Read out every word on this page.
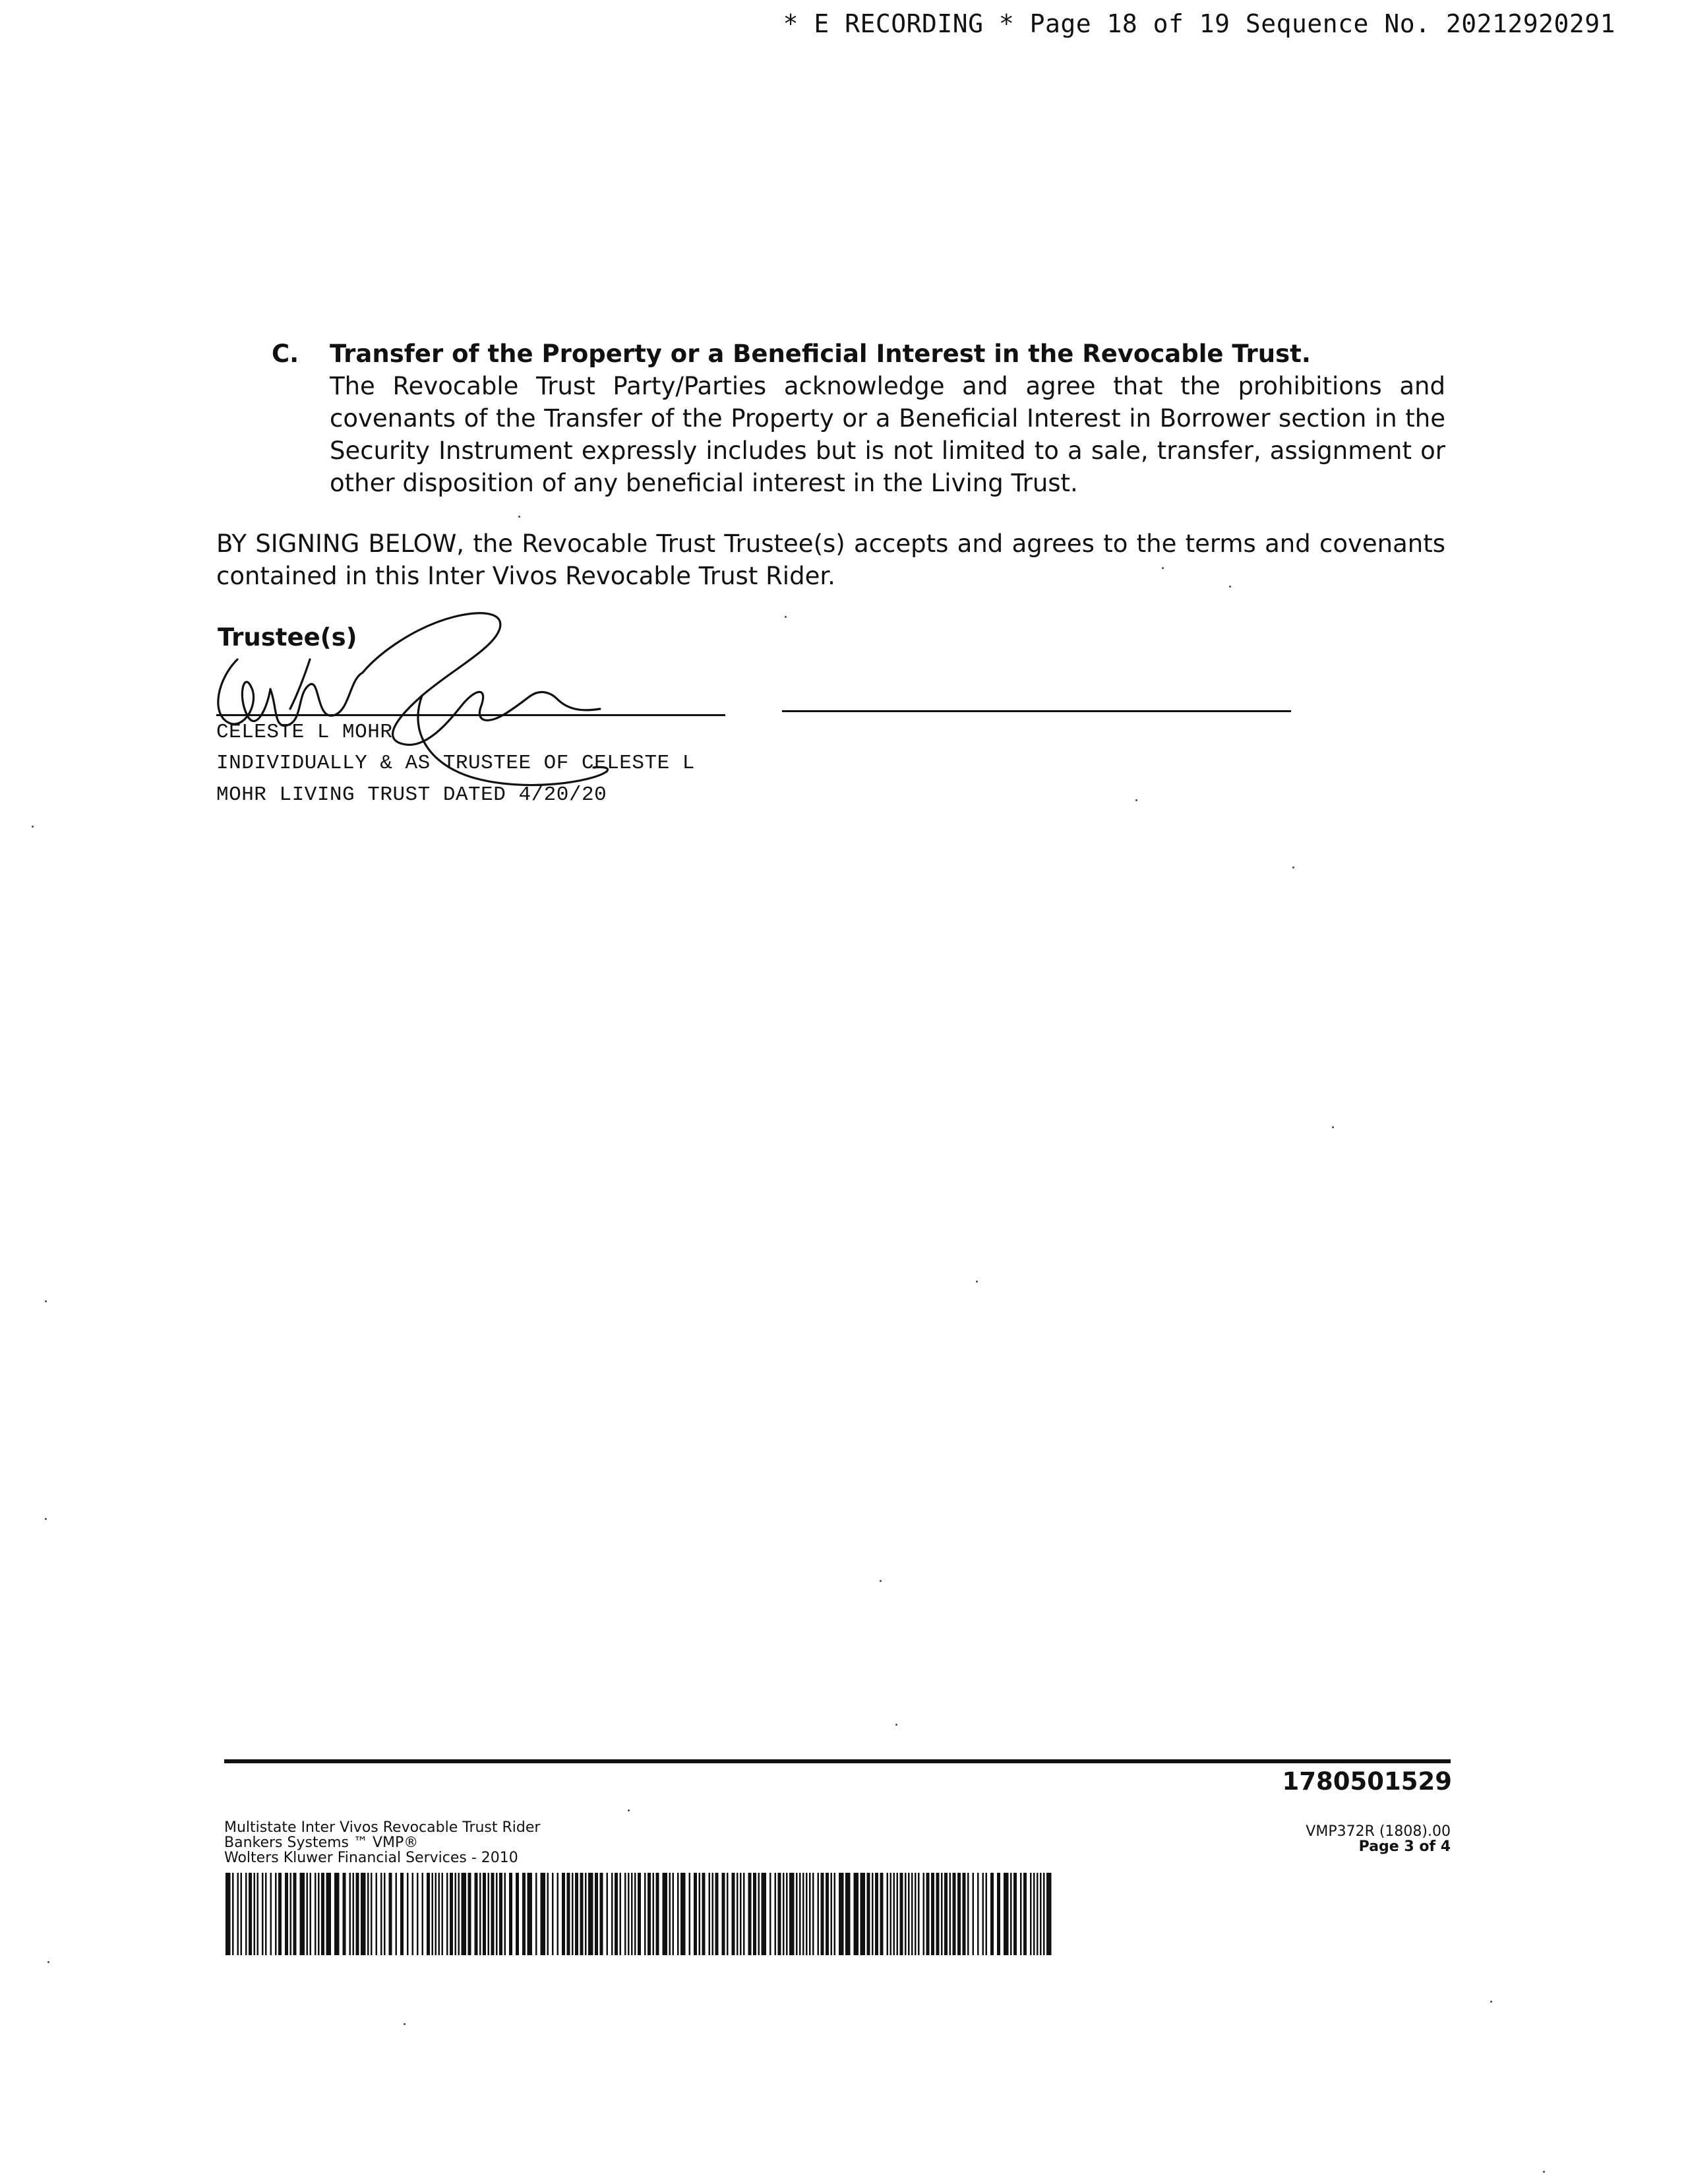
* E RECORDING * Page 18 of 19 Sequence No. 20212920291
C. Transfer of the Property or a Beneficial Interest in the Revocable Trust.
The Revocable Trust Party/Parties acknowledge and agree that the prohibitions and covenants of the Transfer of the Property or a Beneficial Interest in Borrower section in the Security Instrument expressly includes but is not limited to a sale, transfer, assignment or other disposition of any beneficial interest in the Living Trust.
BY SIGNING BELOW, the Revocable Trust Trustee(s) accepts and agrees to the terms and covenants contained in this Inter Vivos Revocable Trust Rider.
Trustee(s)
CELESTE L MOHR
INDIVIDUALLY & AS TRUSTEE OF CELESTE L
MOHR LIVING TRUST DATED 4/20/20
1780501529
Multistate Inter Vivos Revocable Trust Rider
Bankers Systems ™ VMP®
Wolters Kluwer Financial Services - 2010
VMP372R (1808).00
Page 3 of 4
